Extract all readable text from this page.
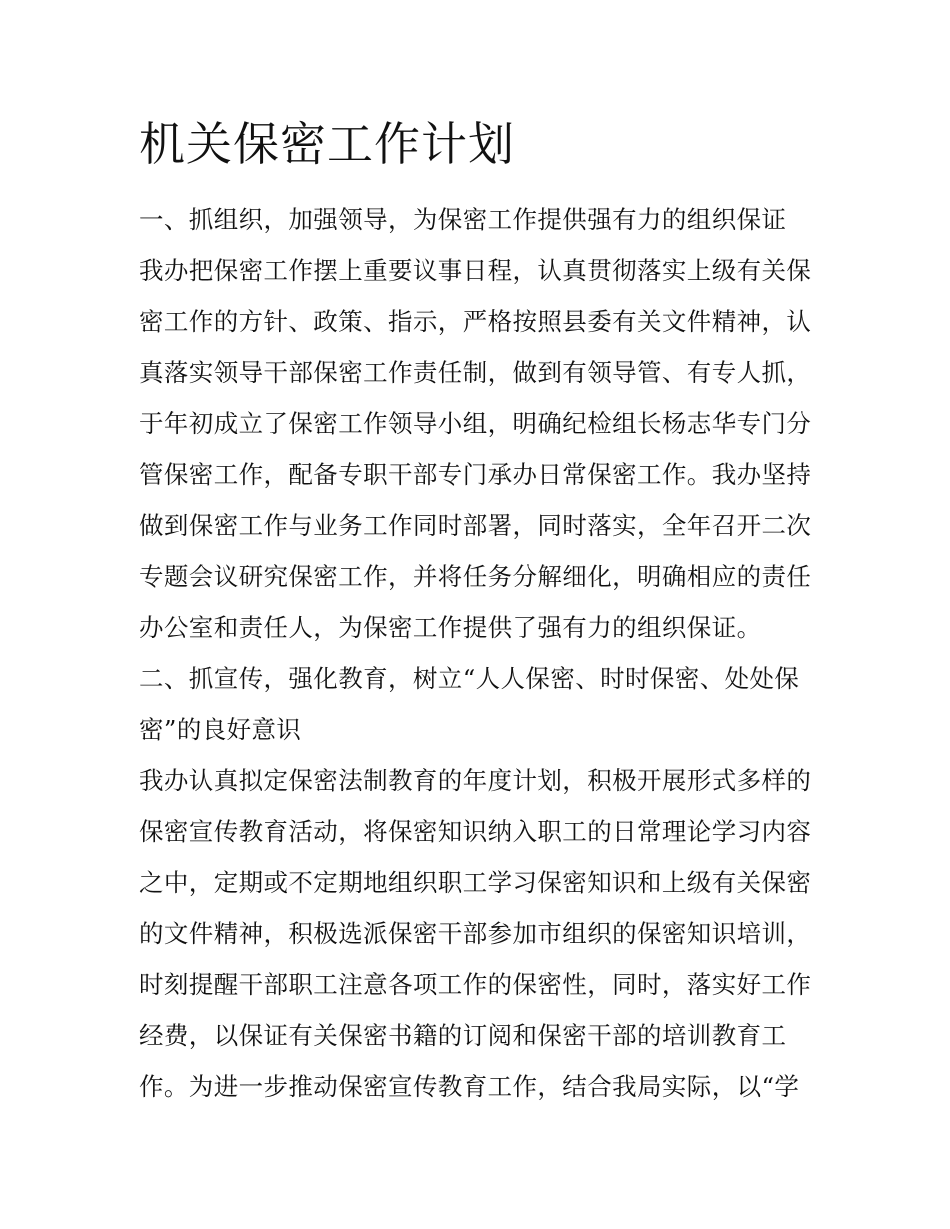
机关保密工作计划

一、抓组织，加强领导，为保密工作提供强有力的组织保证

我办把保密工作摆上重要议事日程，认真贯彻落实上级有关保

密工作的方针、政策、指示，严格按照县委有关文件精神，认

真落实领导干部保密工作责任制，做到有领导管、有专人抓，

于年初成立了保密工作领导小组，明确纪检组长杨志华专门分

管保密工作，配备专职干部专门承办日常保密工作。我办坚持

做到保密工作与业务工作同时部署，同时落实，全年召开二次

专题会议研究保密工作，并将任务分解细化，明确相应的责任

办公室和责任人，为保密工作提供了强有力的组织保证。

二、抓宣传，强化教育，树立“人人保密、时时保密、处处保

密”的良好意识

我办认真拟定保密法制教育的年度计划，积极开展形式多样的

保密宣传教育活动，将保密知识纳入职工的日常理论学习内容

之中，定期或不定期地组织职工学习保密知识和上级有关保密

的文件精神，积极选派保密干部参加市组织的保密知识培训，

时刻提醒干部职工注意各项工作的保密性，同时，落实好工作

经费，以保证有关保密书籍的订阅和保密干部的培训教育工

作。为进一步推动保密宣传教育工作，结合我局实际，以“学
